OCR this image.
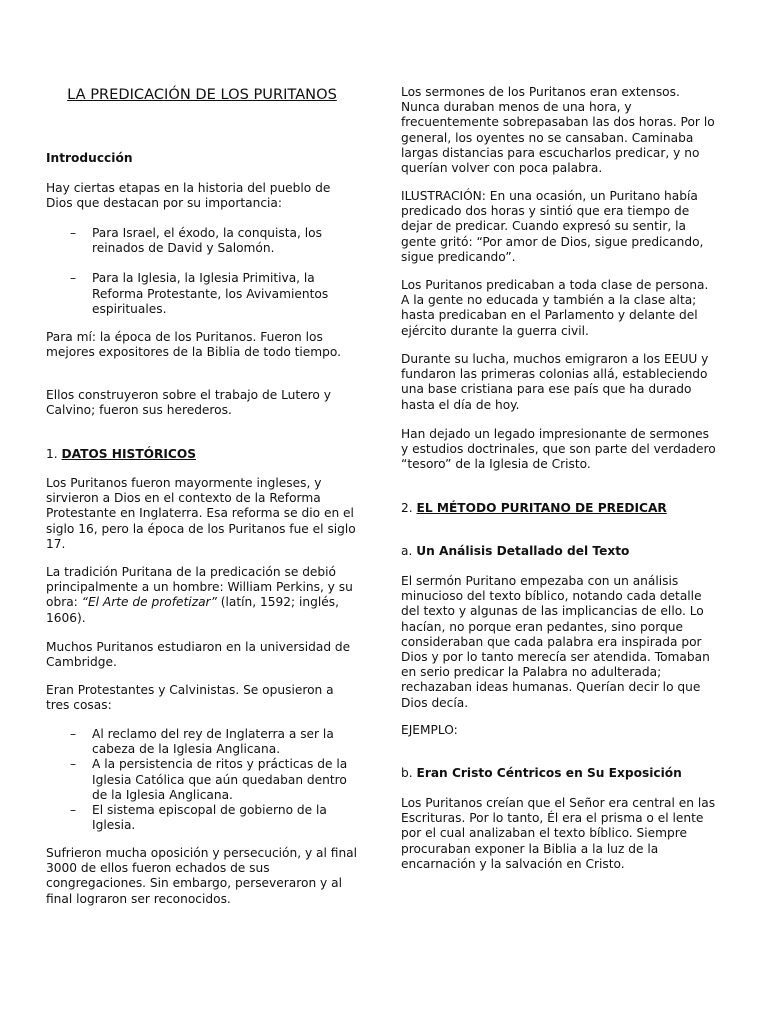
LA PREDICACIÓN DE LOS PURITANOS

Introducción

Hay ciertas etapas en la historia del pueblo de Dios que destacan por su importancia:

– Para Israel, el éxodo, la conquista, los reinados de David y Salomón.
– Para la Iglesia, la Iglesia Primitiva, la Reforma Protestante, los Avivamientos espirituales.

Para mí: la época de los Puritanos. Fueron los mejores expositores de la Biblia de todo tiempo.

Ellos construyeron sobre el trabajo de Lutero y Calvino; fueron sus herederos.

1. DATOS HISTÓRICOS

Los Puritanos fueron mayormente ingleses, y sirvieron a Dios en el contexto de la Reforma Protestante en Inglaterra. Esa reforma se dio en el siglo 16, pero la época de los Puritanos fue el siglo 17.

La tradición Puritana de la predicación se debió principalmente a un hombre: William Perkins, y su obra: “El Arte de profetizar” (latín, 1592; inglés, 1606).

Muchos Puritanos estudiaron en la universidad de Cambridge.

Eran Protestantes y Calvinistas. Se opusieron a tres cosas:

– Al reclamo del rey de Inglaterra a ser la cabeza de la Iglesia Anglicana.
– A la persistencia de ritos y prácticas de la Iglesia Católica que aún quedaban dentro de la Iglesia Anglicana.
– El sistema episcopal de gobierno de la Iglesia.

Sufrieron mucha oposición y persecución, y al final 3000 de ellos fueron echados de sus congregaciones. Sin embargo, perseveraron y al final lograron ser reconocidos.

Los sermones de los Puritanos eran extensos. Nunca duraban menos de una hora, y frecuentemente sobrepasaban las dos horas. Por lo general, los oyentes no se cansaban. Caminaba largas distancias para escucharlos predicar, y no querían volver con poca palabra.

ILUSTRACIÓN: En una ocasión, un Puritano había predicado dos horas y sintió que era tiempo de dejar de predicar. Cuando expresó su sentir, la gente gritó: “Por amor de Dios, sigue predicando, sigue predicando”.

Los Puritanos predicaban a toda clase de persona. A la gente no educada y también a la clase alta; hasta predicaban en el Parlamento y delante del ejército durante la guerra civil.

Durante su lucha, muchos emigraron a los EEUU y fundaron las primeras colonias allá, estableciendo una base cristiana para ese país que ha durado hasta el día de hoy.

Han dejado un legado impresionante de sermones y estudios doctrinales, que son parte del verdadero “tesoro” de la Iglesia de Cristo.

2. EL MÉTODO PURITANO DE PREDICAR

a. Un Análisis Detallado del Texto

El sermón Puritano empezaba con un análisis minucioso del texto bíblico, notando cada detalle del texto y algunas de las implicancias de ello. Lo hacían, no porque eran pedantes, sino porque consideraban que cada palabra era inspirada por Dios y por lo tanto merecía ser atendida. Tomaban en serio predicar la Palabra no adulterada; rechazaban ideas humanas. Querían decir lo que Dios decía.

EJEMPLO:

b. Eran Cristo Céntricos en Su Exposición

Los Puritanos creían que el Señor era central en las Escrituras. Por lo tanto, Él era el prisma o el lente por el cual analizaban el texto bíblico. Siempre procuraban exponer la Biblia a la luz de la encarnación y la salvación en Cristo.
